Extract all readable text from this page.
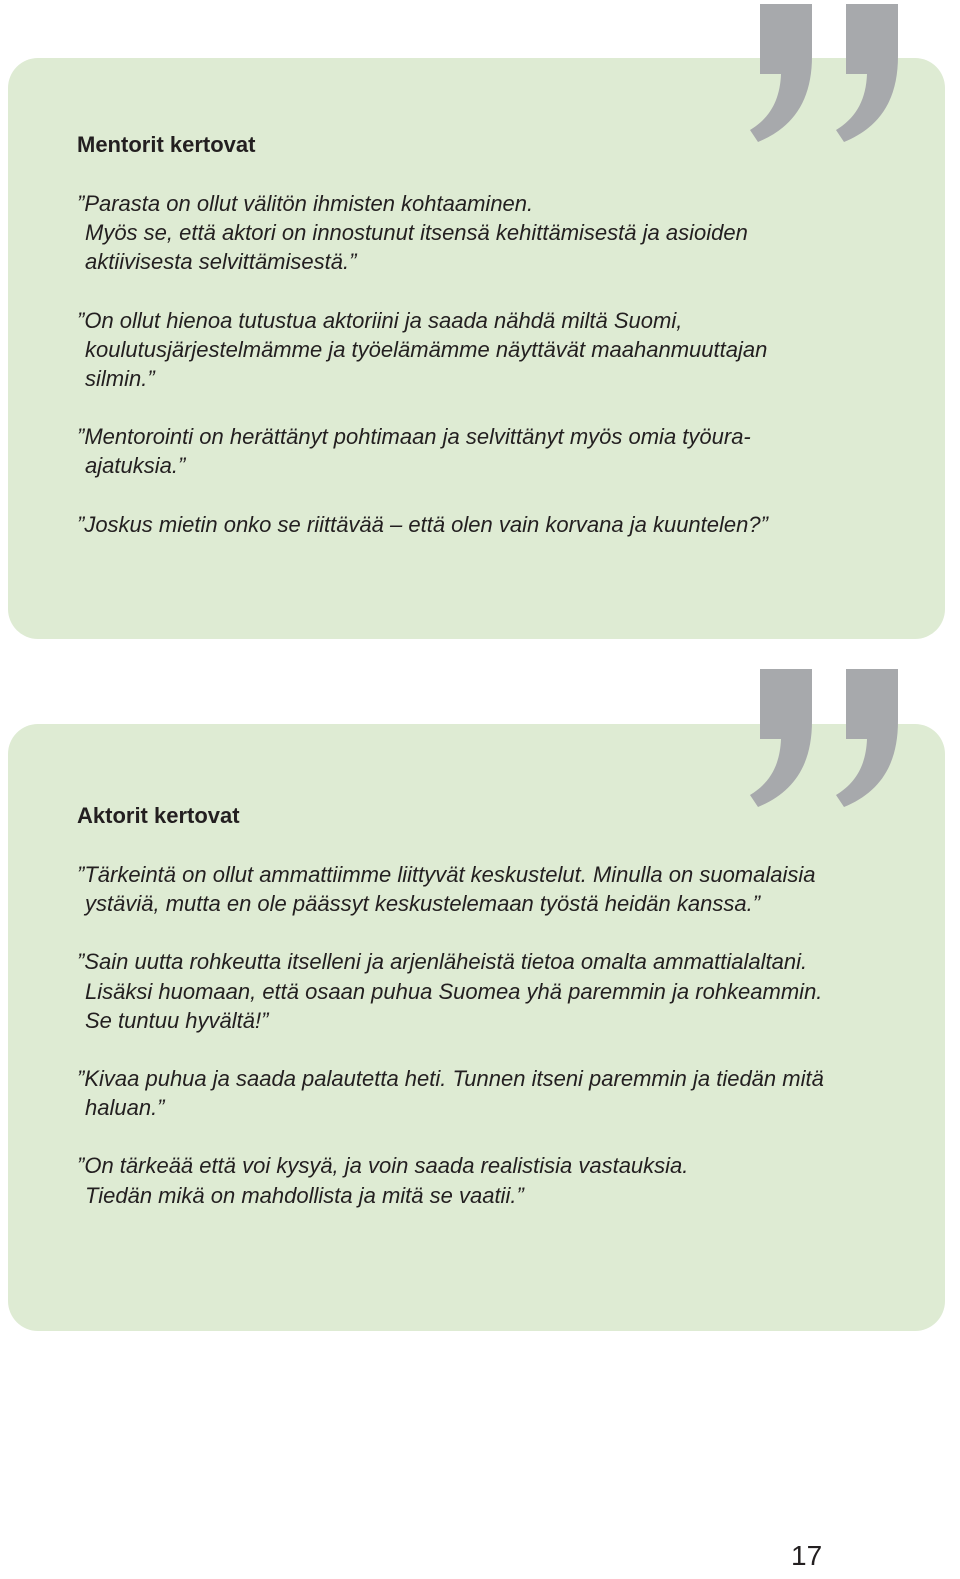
Mentorit kertovat
”Parasta on ollut välitön ihmisten kohtaaminen.
Myös se, että aktori on innostunut itsensä kehittämisestä ja asioiden aktiivisesta selvittämisestä.”
”On ollut hienoa tutustua aktoriini ja saada nähdä miltä Suomi, koulutusjärjestelmämme ja työelämämme näyttävät maahanmuuttajan silmin.”
”Mentorointi on herättänyt pohtimaan ja selvittänyt myös omia työura-ajatuksia.”
”Joskus mietin onko se riittävää – että olen vain korvana ja kuuntelen?”
Aktorit kertovat
”Tärkeintä on ollut ammattiimme liittyvät keskustelut. Minulla on suomalaisia ystäviä, mutta en ole päässyt keskustelemaan työstä heidän kanssa.”
”Sain uutta rohkeutta itselleni ja arjenläheistä tietoa omalta ammattialaltani. Lisäksi huomaan, että osaan puhua Suomea yhä paremmin ja rohkeammin. Se tuntuu hyvältä!”
”Kivaa puhua ja saada palautetta heti. Tunnen itseni paremmin ja tiedän mitä haluan.”
”On tärkeää että voi kysyä, ja voin saada realistisia vastauksia.
Tiedän mikä on mahdollista ja mitä se vaatii.”
17
